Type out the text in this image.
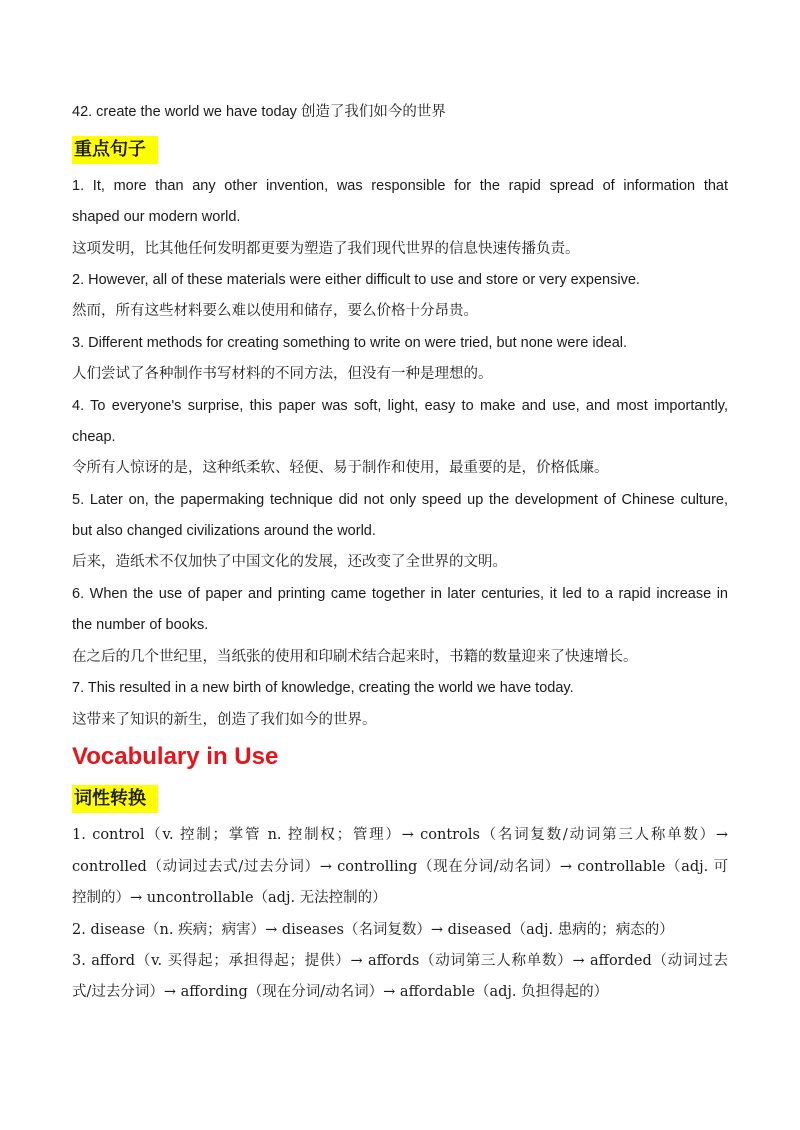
42. create the world we have today 创造了我们如今的世界
重点句子
1. It, more than any other invention, was responsible for the rapid spread of information that
shaped our modern world.
这项发明，比其他任何发明都更要为塑造了我们现代世界的信息快速传播负责。
2. However, all of these materials were either difficult to use and store or very expensive.
然而，所有这些材料要么难以使用和储存，要么价格十分昂贵。
3. Different methods for creating something to write on were tried, but none were ideal.
人们尝试了各种制作书写材料的不同方法，但没有一种是理想的。
4. To everyone's surprise, this paper was soft, light, easy to make and use, and most importantly,
cheap.
令所有人惊讶的是，这种纸柔软、轻便、易于制作和使用，最重要的是，价格低廉。
5. Later on, the papermaking technique did not only speed up the development of Chinese culture,
but also changed civilizations around the world.
后来，造纸术不仅加快了中国文化的发展，还改变了全世界的文明。
6. When the use of paper and printing came together in later centuries, it led to a rapid increase in
the number of books.
在之后的几个世纪里，当纸张的使用和印刷术结合起来时，书籍的数量迎来了快速增长。
7. This resulted in a new birth of knowledge, creating the world we have today.
这带来了知识的新生，创造了我们如今的世界。
Vocabulary in Use
词性转换
1. control（v. 控制；掌管 n. 控制权；管理）→ controls（名词复数/动词第三人称单数）→
controlled（动词过去式/过去分词）→ controlling（现在分词/动名词）→ controllable（adj. 可
控制的）→ uncontrollable（adj. 无法控制的）
2. disease（n. 疾病；病害）→ diseases（名词复数）→ diseased（adj. 患病的；病态的）
3. afford（v. 买得起；承担得起；提供）→ affords（动词第三人称单数）→ afforded（动词过去
式/过去分词）→ affording（现在分词/动名词）→ affordable（adj. 负担得起的）
